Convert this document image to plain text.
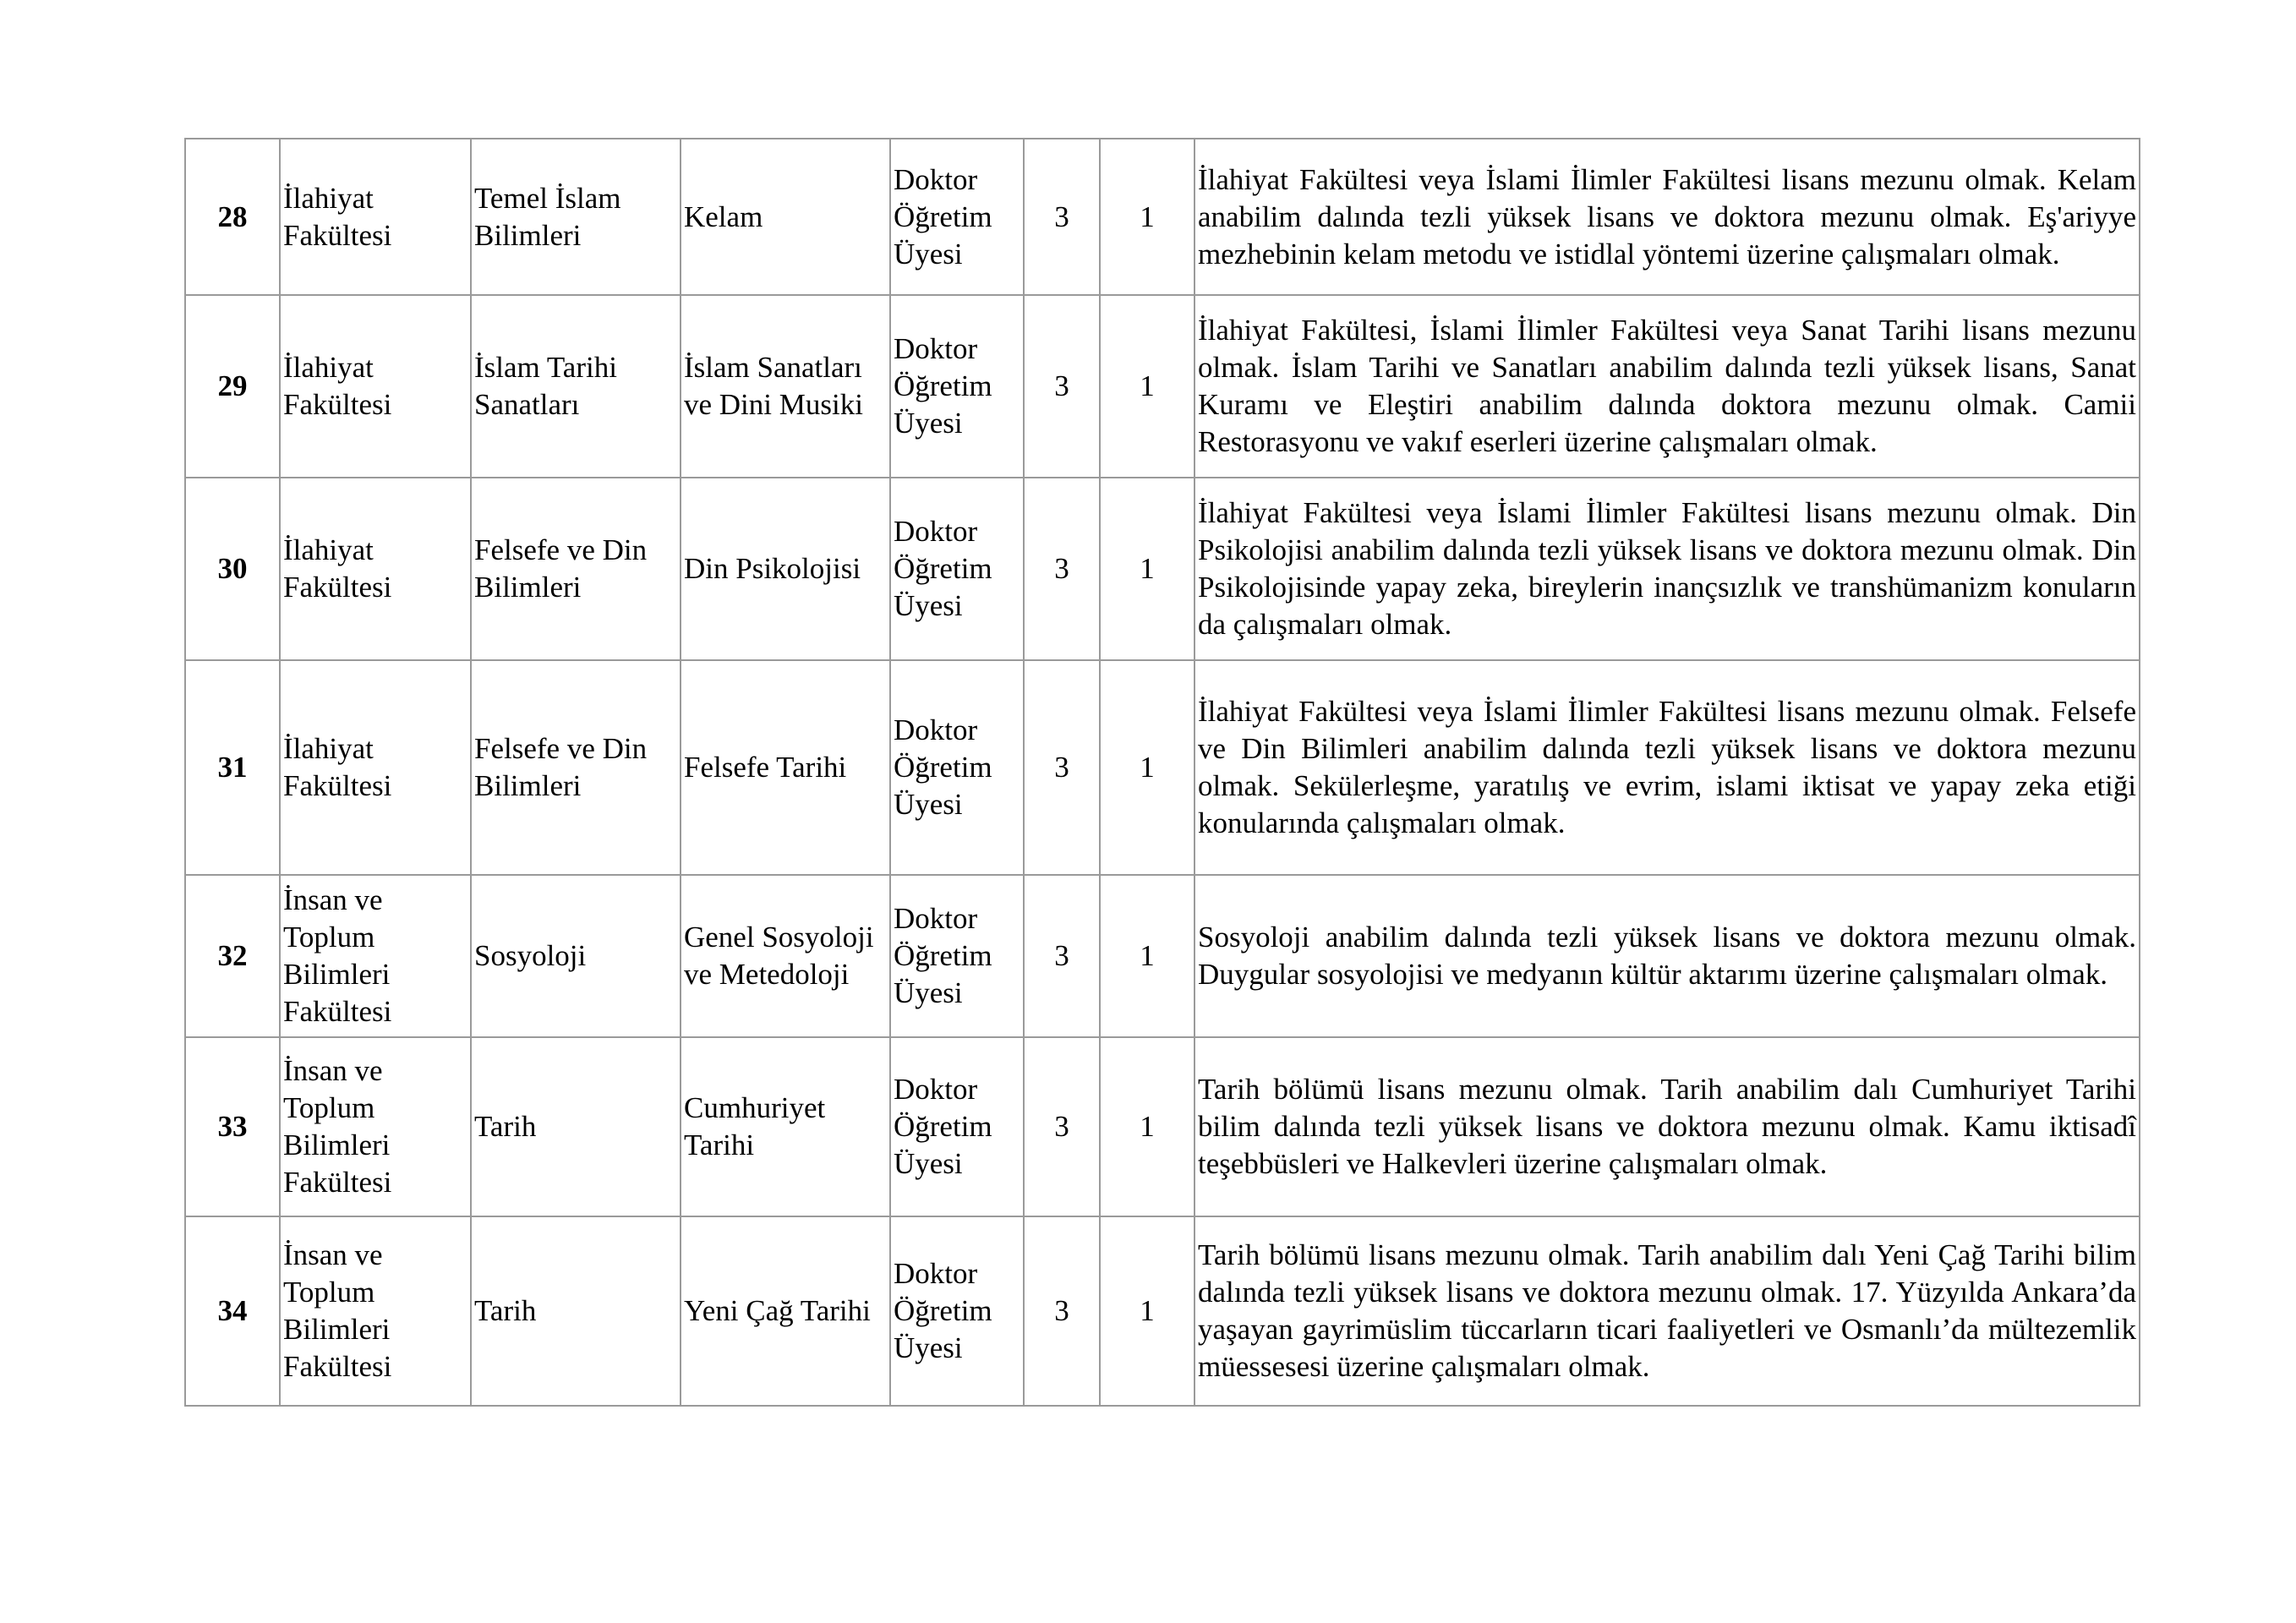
28	İlahiyat Fakültesi	Temel İslam Bilimleri	Kelam	Doktor Öğretim Üyesi	3	1	İlahiyat Fakültesi veya İslami İlimler Fakültesi lisans mezunu olmak. Kelam anabilim dalında tezli yüksek lisans ve doktora mezunu olmak. Eş'ariyye mezhebinin kelam metodu ve istidlal yöntemi üzerine çalışmaları olmak.
29	İlahiyat Fakültesi	İslam Tarihi Sanatları	İslam Sanatları ve Dini Musiki	Doktor Öğretim Üyesi	3	1	İlahiyat Fakültesi, İslami İlimler Fakültesi veya Sanat Tarihi lisans mezunu olmak. İslam Tarihi ve Sanatları anabilim dalında tezli yüksek lisans, Sanat Kuramı ve Eleştiri anabilim dalında doktora mezunu olmak. Camii Restorasyonu ve vakıf eserleri üzerine çalışmaları olmak.
30	İlahiyat Fakültesi	Felsefe ve Din Bilimleri	Din Psikolojisi	Doktor Öğretim Üyesi	3	1	İlahiyat Fakültesi veya İslami İlimler Fakültesi lisans mezunu olmak. Din Psikolojisi anabilim dalında tezli yüksek lisans ve doktora mezunu olmak. Din Psikolojisinde yapay zeka, bireylerin inançsızlık ve transhümanizm konuların da çalışmaları olmak.
31	İlahiyat Fakültesi	Felsefe ve Din Bilimleri	Felsefe Tarihi	Doktor Öğretim Üyesi	3	1	İlahiyat Fakültesi veya İslami İlimler Fakültesi lisans mezunu olmak. Felsefe ve Din Bilimleri anabilim dalında tezli yüksek lisans ve doktora mezunu olmak. Sekülerleşme, yaratılış ve evrim, islami iktisat ve yapay zeka etiği konularında çalışmaları olmak.
32	İnsan ve Toplum Bilimleri Fakültesi	Sosyoloji	Genel Sosyoloji ve Metedoloji	Doktor Öğretim Üyesi	3	1	Sosyoloji anabilim dalında tezli yüksek lisans ve doktora mezunu olmak. Duygular sosyolojisi ve medyanın kültür aktarımı üzerine çalışmaları olmak.
33	İnsan ve Toplum Bilimleri Fakültesi	Tarih	Cumhuriyet Tarihi	Doktor Öğretim Üyesi	3	1	Tarih bölümü lisans mezunu olmak. Tarih anabilim dalı Cumhuriyet Tarihi bilim dalında tezli yüksek lisans ve doktora mezunu olmak. Kamu iktisadî teşebbüsleri ve Halkevleri üzerine çalışmaları olmak.
34	İnsan ve Toplum Bilimleri Fakültesi	Tarih	Yeni Çağ Tarihi	Doktor Öğretim Üyesi	3	1	Tarih bölümü lisans mezunu olmak. Tarih anabilim dalı Yeni Çağ Tarihi bilim dalında tezli yüksek lisans ve doktora mezunu olmak. 17. Yüzyılda Ankara’da yaşayan gayrimüslim tüccarların ticari faaliyetleri ve Osmanlı’da mültezemlik müessesesi üzerine çalışmaları olmak.
